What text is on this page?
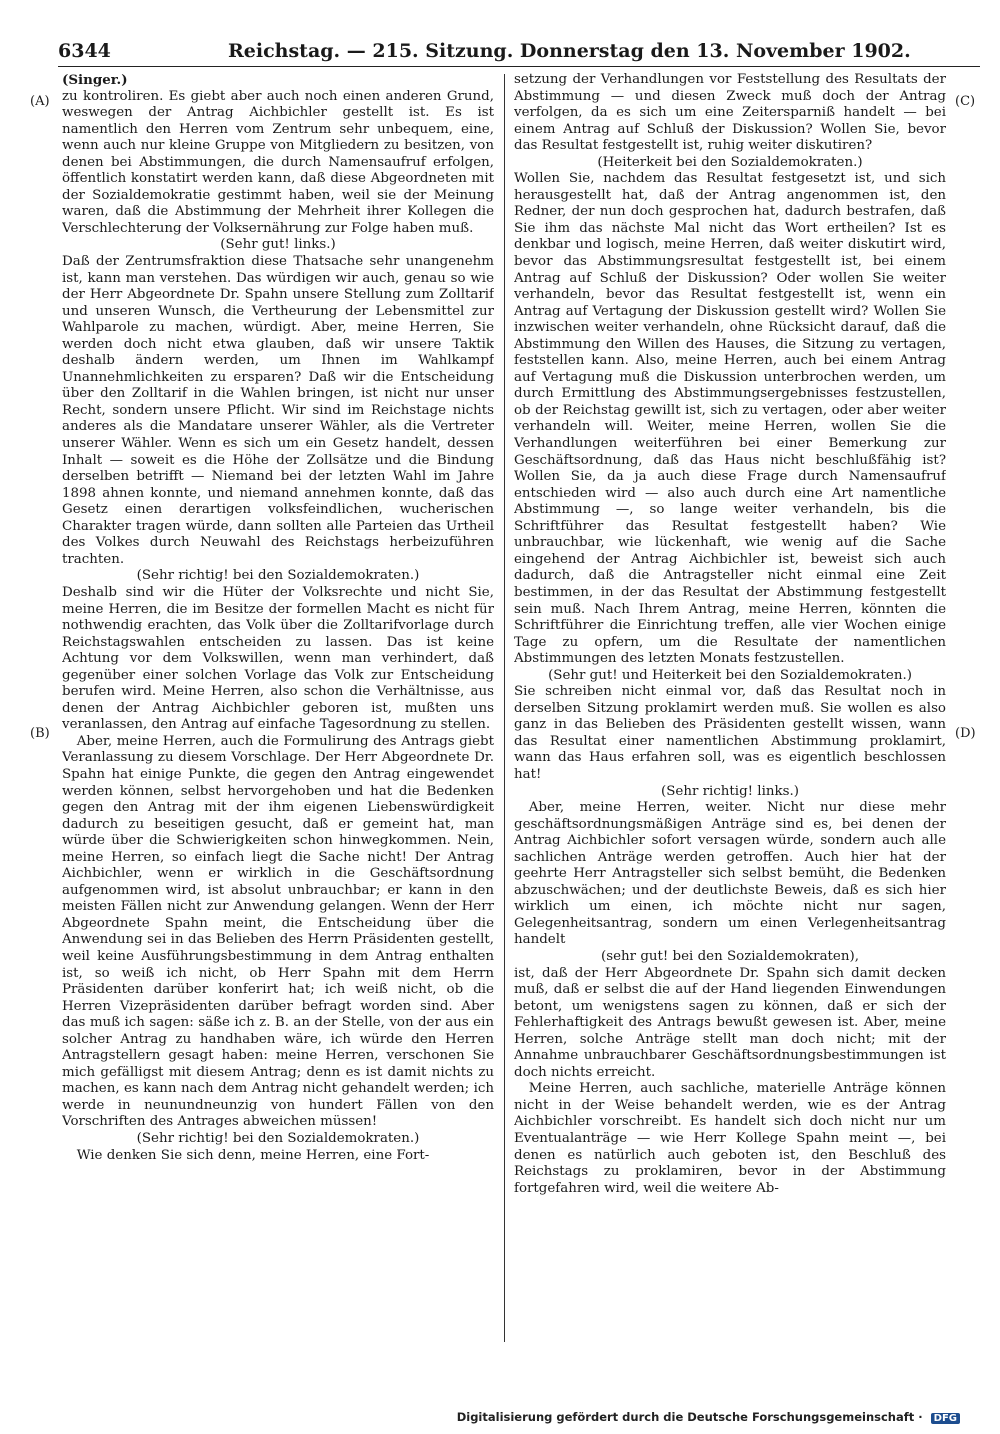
6344	Reichstag. — 215. Sitzung. Donnerstag den 13. November 1902.
(A)
(B)
(C)
(D)

(Singer.)

zu kontroliren. Es giebt aber auch noch einen anderen Grund, weswegen der Antrag Aichbichler gestellt ist. Es ist namentlich den Herren vom Zentrum sehr unbequem, eine, wenn auch nur kleine Gruppe von Mitgliedern zu besitzen, von denen bei Abstimmungen, die durch Namensaufruf erfolgen, öffentlich konstatirt werden kann, daß diese Abgeordneten mit der Sozialdemokratie gestimmt haben, weil sie der Meinung waren, daß die Abstimmung der Mehrheit ihrer Kollegen die Verschlechterung der Volksernährung zur Folge haben muß.

(Sehr gut! links.)

Daß der Zentrumsfraktion diese Thatsache sehr unangenehm ist, kann man verstehen. Das würdigen wir auch, genau so wie der Herr Abgeordnete Dr. Spahn unsere Stellung zum Zolltarif und unseren Wunsch, die Vertheurung der Lebensmittel zur Wahlparole zu machen, würdigt. Aber, meine Herren, Sie werden doch nicht etwa glauben, daß wir unsere Taktik deshalb ändern werden, um Ihnen im Wahlkampf Unannehmlichkeiten zu ersparen? Daß wir die Entscheidung über den Zolltarif in die Wahlen bringen, ist nicht nur unser Recht, sondern unsere Pflicht. Wir sind im Reichstage nichts anderes als die Mandatare unserer Wähler, als die Vertreter unserer Wähler. Wenn es sich um ein Gesetz handelt, dessen Inhalt — soweit es die Höhe der Zollsätze und die Bindung derselben betrifft — Niemand bei der letzten Wahl im Jahre 1898 ahnen konnte, und niemand annehmen konnte, daß das Gesetz einen derartigen volksfeindlichen, wucherischen Charakter tragen würde, dann sollten alle Parteien das Urtheil des Volkes durch Neuwahl des Reichstags herbeizuführen trachten.

(Sehr richtig! bei den Sozialdemokraten.)

Deshalb sind wir die Hüter der Volksrechte und nicht Sie, meine Herren, die im Besitze der formellen Macht es nicht für nothwendig erachten, das Volk über die Zolltarifvorlage durch Reichstagswahlen entscheiden zu lassen. Das ist keine Achtung vor dem Volkswillen, wenn man verhindert, daß gegenüber einer solchen Vorlage das Volk zur Entscheidung berufen wird. Meine Herren, also schon die Verhältnisse, aus denen der Antrag Aichbichler geboren ist, mußten uns veranlassen, den Antrag auf einfache Tagesordnung zu stellen.

Aber, meine Herren, auch die Formulirung des Antrags giebt Veranlassung zu diesem Vorschlage. Der Herr Abgeordnete Dr. Spahn hat einige Punkte, die gegen den Antrag eingewendet werden können, selbst hervorgehoben und hat die Bedenken gegen den Antrag mit der ihm eigenen Liebenswürdigkeit dadurch zu beseitigen gesucht, daß er gemeint hat, man würde über die Schwierigkeiten schon hinwegkommen. Nein, meine Herren, so einfach liegt die Sache nicht! Der Antrag Aichbichler, wenn er wirklich in die Geschäftsordnung aufgenommen wird, ist absolut unbrauchbar; er kann in den meisten Fällen nicht zur Anwendung gelangen. Wenn der Herr Abgeordnete Spahn meint, die Entscheidung über die Anwendung sei in das Belieben des Herrn Präsidenten gestellt, weil keine Ausführungsbestimmung in dem Antrag enthalten ist, so weiß ich nicht, ob Herr Spahn mit dem Herrn Präsidenten darüber konferirt hat; ich weiß nicht, ob die Herren Vizepräsidenten darüber befragt worden sind. Aber das muß ich sagen: säße ich z. B. an der Stelle, von der aus ein solcher Antrag zu handhaben wäre, ich würde den Herren Antragstellern gesagt haben: meine Herren, verschonen Sie mich gefälligst mit diesem Antrag; denn es ist damit nichts zu machen, es kann nach dem Antrag nicht gehandelt werden; ich werde in neunundneunzig von hundert Fällen von den Vorschriften des Antrages abweichen müssen!

(Sehr richtig! bei den Sozialdemokraten.)

Wie denken Sie sich denn, meine Herren, eine Fort-

setzung der Verhandlungen vor Feststellung des Resultats der Abstimmung — und diesen Zweck muß doch der Antrag verfolgen, da es sich um eine Zeitersparniß handelt — bei einem Antrag auf Schluß der Diskussion? Wollen Sie, bevor das Resultat festgestellt ist, ruhig weiter diskutiren?

(Heiterkeit bei den Sozialdemokraten.)

Wollen Sie, nachdem das Resultat festgesetzt ist, und sich herausgestellt hat, daß der Antrag angenommen ist, den Redner, der nun doch gesprochen hat, dadurch bestrafen, daß Sie ihm das nächste Mal nicht das Wort ertheilen? Ist es denkbar und logisch, meine Herren, daß weiter diskutirt wird, bevor das Abstimmungsresultat festgestellt ist, bei einem Antrag auf Schluß der Diskussion? Oder wollen Sie weiter verhandeln, bevor das Resultat festgestellt ist, wenn ein Antrag auf Vertagung der Diskussion gestellt wird? Wollen Sie inzwischen weiter verhandeln, ohne Rücksicht darauf, daß die Abstimmung den Willen des Hauses, die Sitzung zu vertagen, feststellen kann. Also, meine Herren, auch bei einem Antrag auf Vertagung muß die Diskussion unterbrochen werden, um durch Ermittlung des Abstimmungsergebnisses festzustellen, ob der Reichstag gewillt ist, sich zu vertagen, oder aber weiter verhandeln will. Weiter, meine Herren, wollen Sie die Verhandlungen weiterführen bei einer Bemerkung zur Geschäftsordnung, daß das Haus nicht beschlußfähig ist? Wollen Sie, da ja auch diese Frage durch Namensaufruf entschieden wird — also auch durch eine Art namentliche Abstimmung —, so lange weiter verhandeln, bis die Schriftführer das Resultat festgestellt haben? Wie unbrauchbar, wie lückenhaft, wie wenig auf die Sache eingehend der Antrag Aichbichler ist, beweist sich auch dadurch, daß die Antragsteller nicht einmal eine Zeit bestimmen, in der das Resultat der Abstimmung festgestellt sein muß. Nach Ihrem Antrag, meine Herren, könnten die Schriftführer die Einrichtung treffen, alle vier Wochen einige Tage zu opfern, um die Resultate der namentlichen Abstimmungen des letzten Monats festzustellen.

(Sehr gut! und Heiterkeit bei den Sozialdemokraten.)

Sie schreiben nicht einmal vor, daß das Resultat noch in derselben Sitzung proklamirt werden muß. Sie wollen es also ganz in das Belieben des Präsidenten gestellt wissen, wann das Resultat einer namentlichen Abstimmung proklamirt, wann das Haus erfahren soll, was es eigentlich beschlossen hat!

(Sehr richtig! links.)

Aber, meine Herren, weiter. Nicht nur diese mehr geschäftsordnungsmäßigen Anträge sind es, bei denen der Antrag Aichbichler sofort versagen würde, sondern auch alle sachlichen Anträge werden getroffen. Auch hier hat der geehrte Herr Antragsteller sich selbst bemüht, die Bedenken abzuschwächen; und der deutlichste Beweis, daß es sich hier wirklich um einen, ich möchte nicht nur sagen, Gelegenheitsantrag, sondern um einen Verlegenheitsantrag handelt

(sehr gut! bei den Sozialdemokraten),

ist, daß der Herr Abgeordnete Dr. Spahn sich damit decken muß, daß er selbst die auf der Hand liegenden Einwendungen betont, um wenigstens sagen zu können, daß er sich der Fehlerhaftigkeit des Antrags bewußt gewesen ist. Aber, meine Herren, solche Anträge stellt man doch nicht; mit der Annahme unbrauchbarer Geschäftsordnungsbestimmungen ist doch nichts erreicht.

Meine Herren, auch sachliche, materielle Anträge können nicht in der Weise behandelt werden, wie es der Antrag Aichbichler vorschreibt. Es handelt sich doch nicht nur um Eventualanträge — wie Herr Kollege Spahn meint —, bei denen es natürlich auch geboten ist, den Beschluß des Reichstags zu proklamiren, bevor in der Abstimmung fortgefahren wird, weil die weitere Ab-

Digitalisierung gefördert durch die Deutsche Forschungsgemeinschaft · DFG
